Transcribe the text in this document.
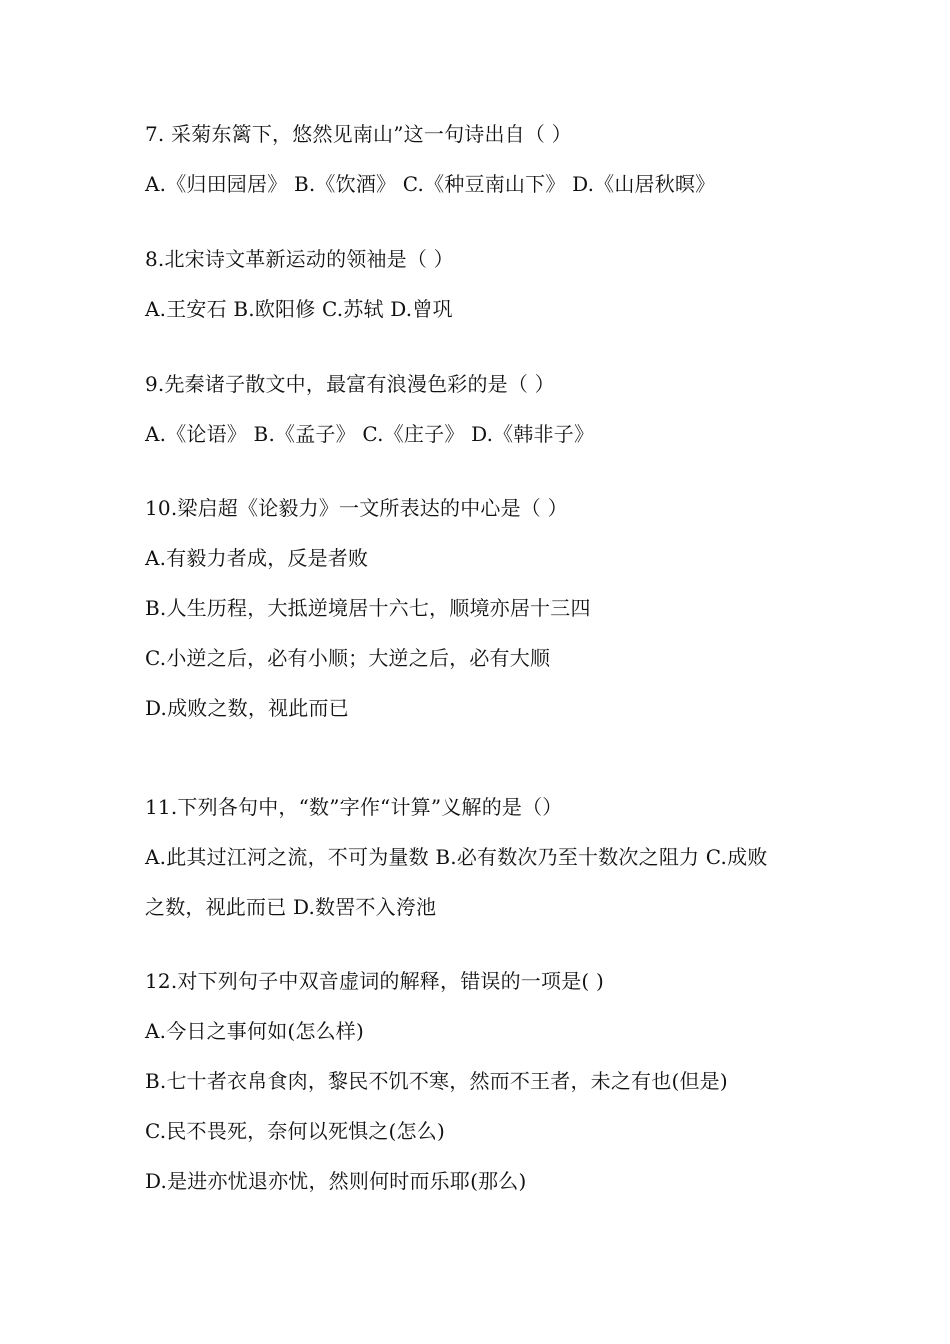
7. 采菊东篱下，悠然见南山”这一句诗出自（ ）
A.《归田园居》 B.《饮酒》 C.《种豆南山下》 D.《山居秋暝》
8.北宋诗文革新运动的领袖是（ ）
A.王安石 B.欧阳修 C.苏轼 D.曾巩
9.先秦诸子散文中，最富有浪漫色彩的是（ ）
A.《论语》 B.《孟子》 C.《庄子》 D.《韩非子》
10.梁启超《论毅力》一文所表达的中心是（ ）
A.有毅力者成，反是者败
B.人生历程，大抵逆境居十六七，顺境亦居十三四
C.小逆之后，必有小顺；大逆之后，必有大顺
D.成败之数，视此而已
11.下列各句中，“数”字作“计算”义解的是（）
A.此其过江河之流，不可为量数 B.必有数次乃至十数次之阻力 C.成败
之数，视此而已 D.数罟不入洿池
12.对下列句子中双音虚词的解释，错误的一项是( )
A.今日之事何如(怎么样)
B.七十者衣帛食肉，黎民不饥不寒，然而不王者，未之有也(但是)
C.民不畏死，奈何以死惧之(怎么)
D.是进亦忧退亦忧，然则何时而乐耶(那么)
